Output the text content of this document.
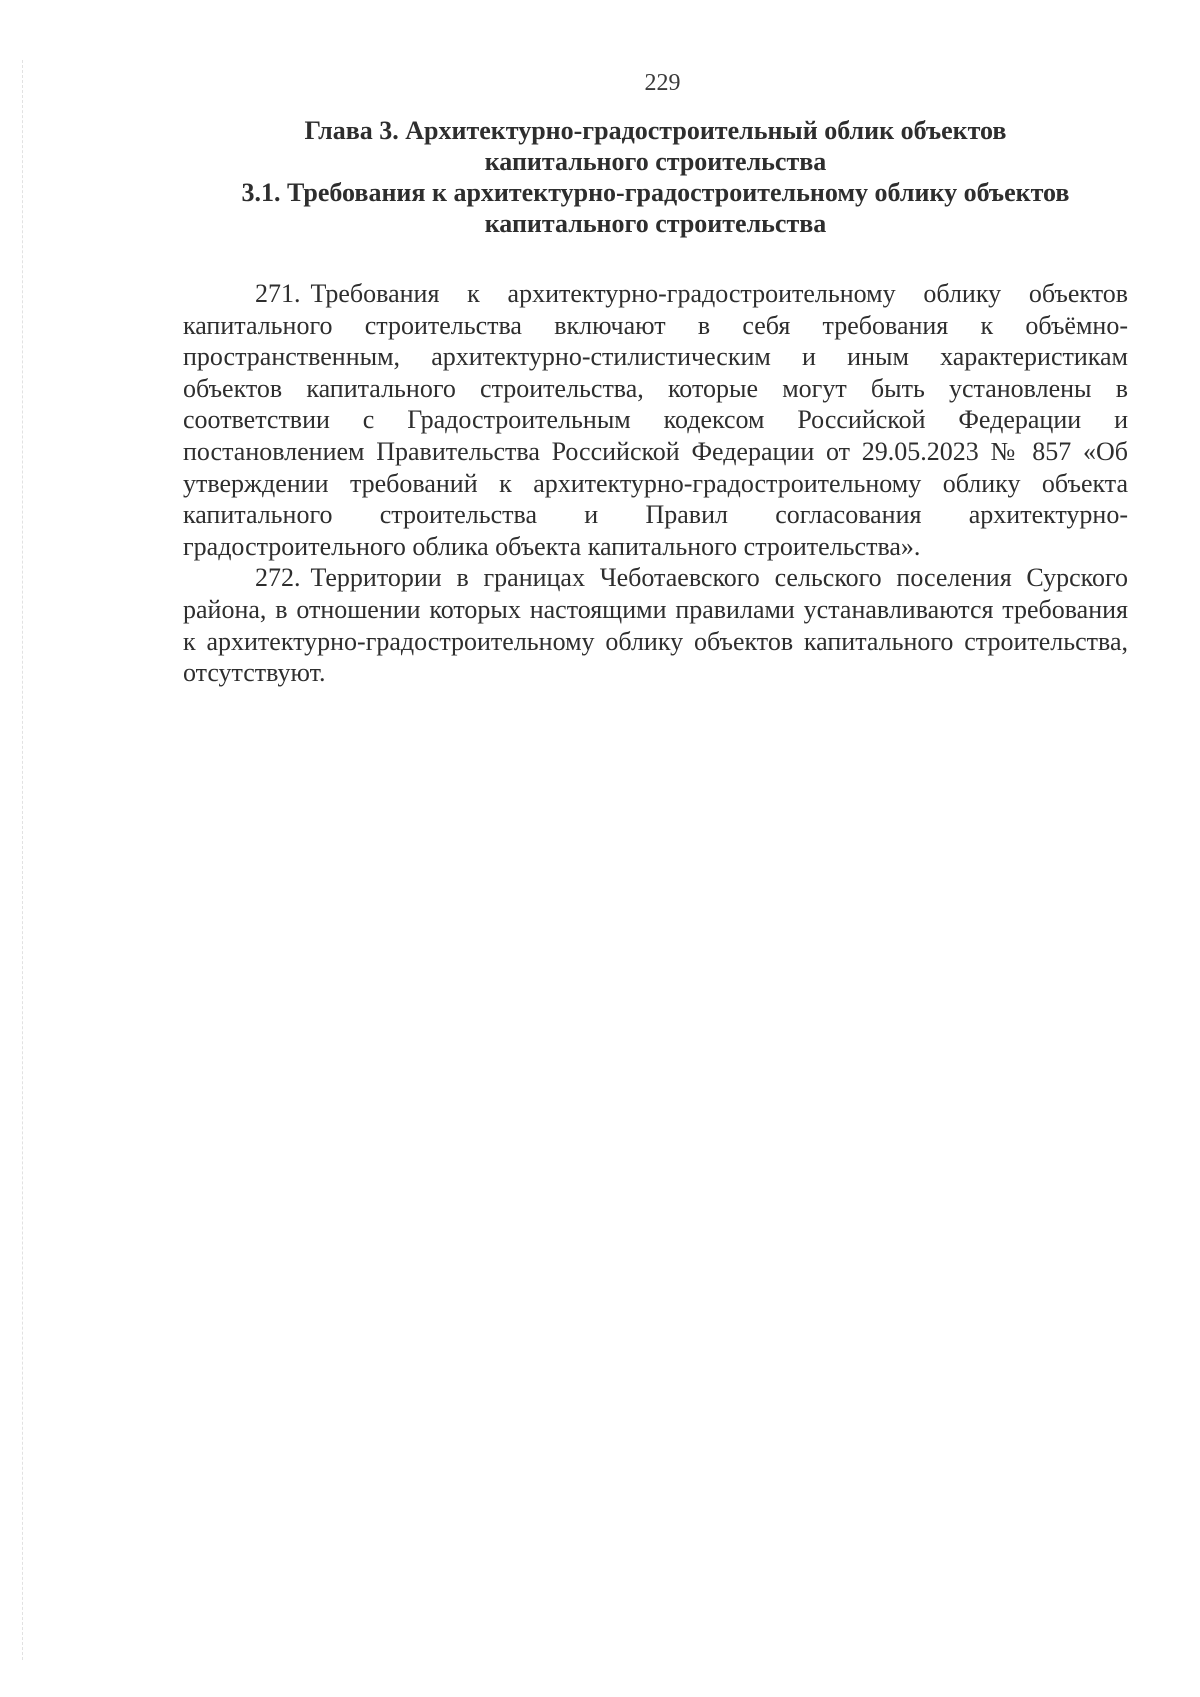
229
Глава 3. Архитектурно-градостроительный облик объектов
капитального строительства
3.1. Требования к архитектурно-градостроительному облику объектов
капитального строительства

271. Требования к архитектурно-градостроительному облику объектов капитального строительства включают в себя требования к объёмно-пространственным, архитектурно-стилистическим и иным характеристикам объектов капитального строительства, которые могут быть установлены в соответствии с Градостроительным кодексом Российской Федерации и постановлением Правительства Российской Федерации от 29.05.2023 № 857 «Об утверждении требований к архитектурно-градостроительному облику объекта капитального строительства и Правил согласования архитектурно-градостроительного облика объекта капитального строительства».

272. Территории в границах Чеботаевского сельского поселения Сурского района, в отношении которых настоящими правилами устанавливаются требования к архитектурно-градостроительному облику объектов капитального строительства, отсутствуют.
